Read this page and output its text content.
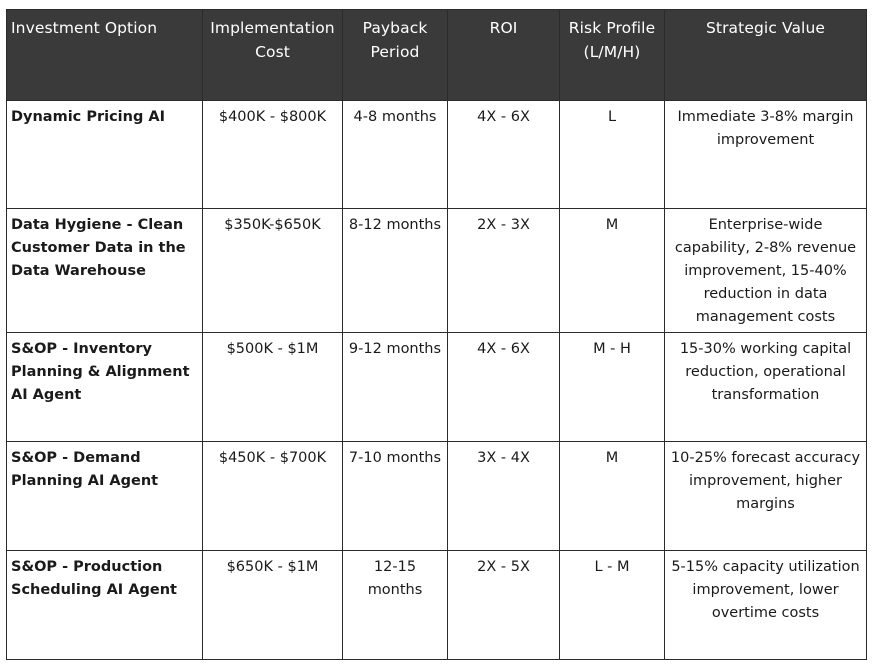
Investment Option	Implementation Cost	Payback Period	ROI	Risk Profile (L/M/H)	Strategic Value
Dynamic Pricing AI	$400K - $800K	4-8 months	4X - 6X	L	Immediate 3-8% margin improvement
Data Hygiene - Clean Customer Data in the Data Warehouse	$350K-$650K	8-12 months	2X - 3X	M	Enterprise-wide capability, 2-8% revenue improvement, 15-40% reduction in data management costs
S&OP - Inventory Planning & Alignment AI Agent	$500K - $1M	9-12 months	4X - 6X	M - H	15-30% working capital reduction, operational transformation
S&OP - Demand Planning AI Agent	$450K - $700K	7-10 months	3X - 4X	M	10-25% forecast accuracy improvement, higher margins
S&OP - Production Scheduling AI Agent	$650K - $1M	12-15 months	2X - 5X	L - M	5-15% capacity utilization improvement, lower overtime costs
